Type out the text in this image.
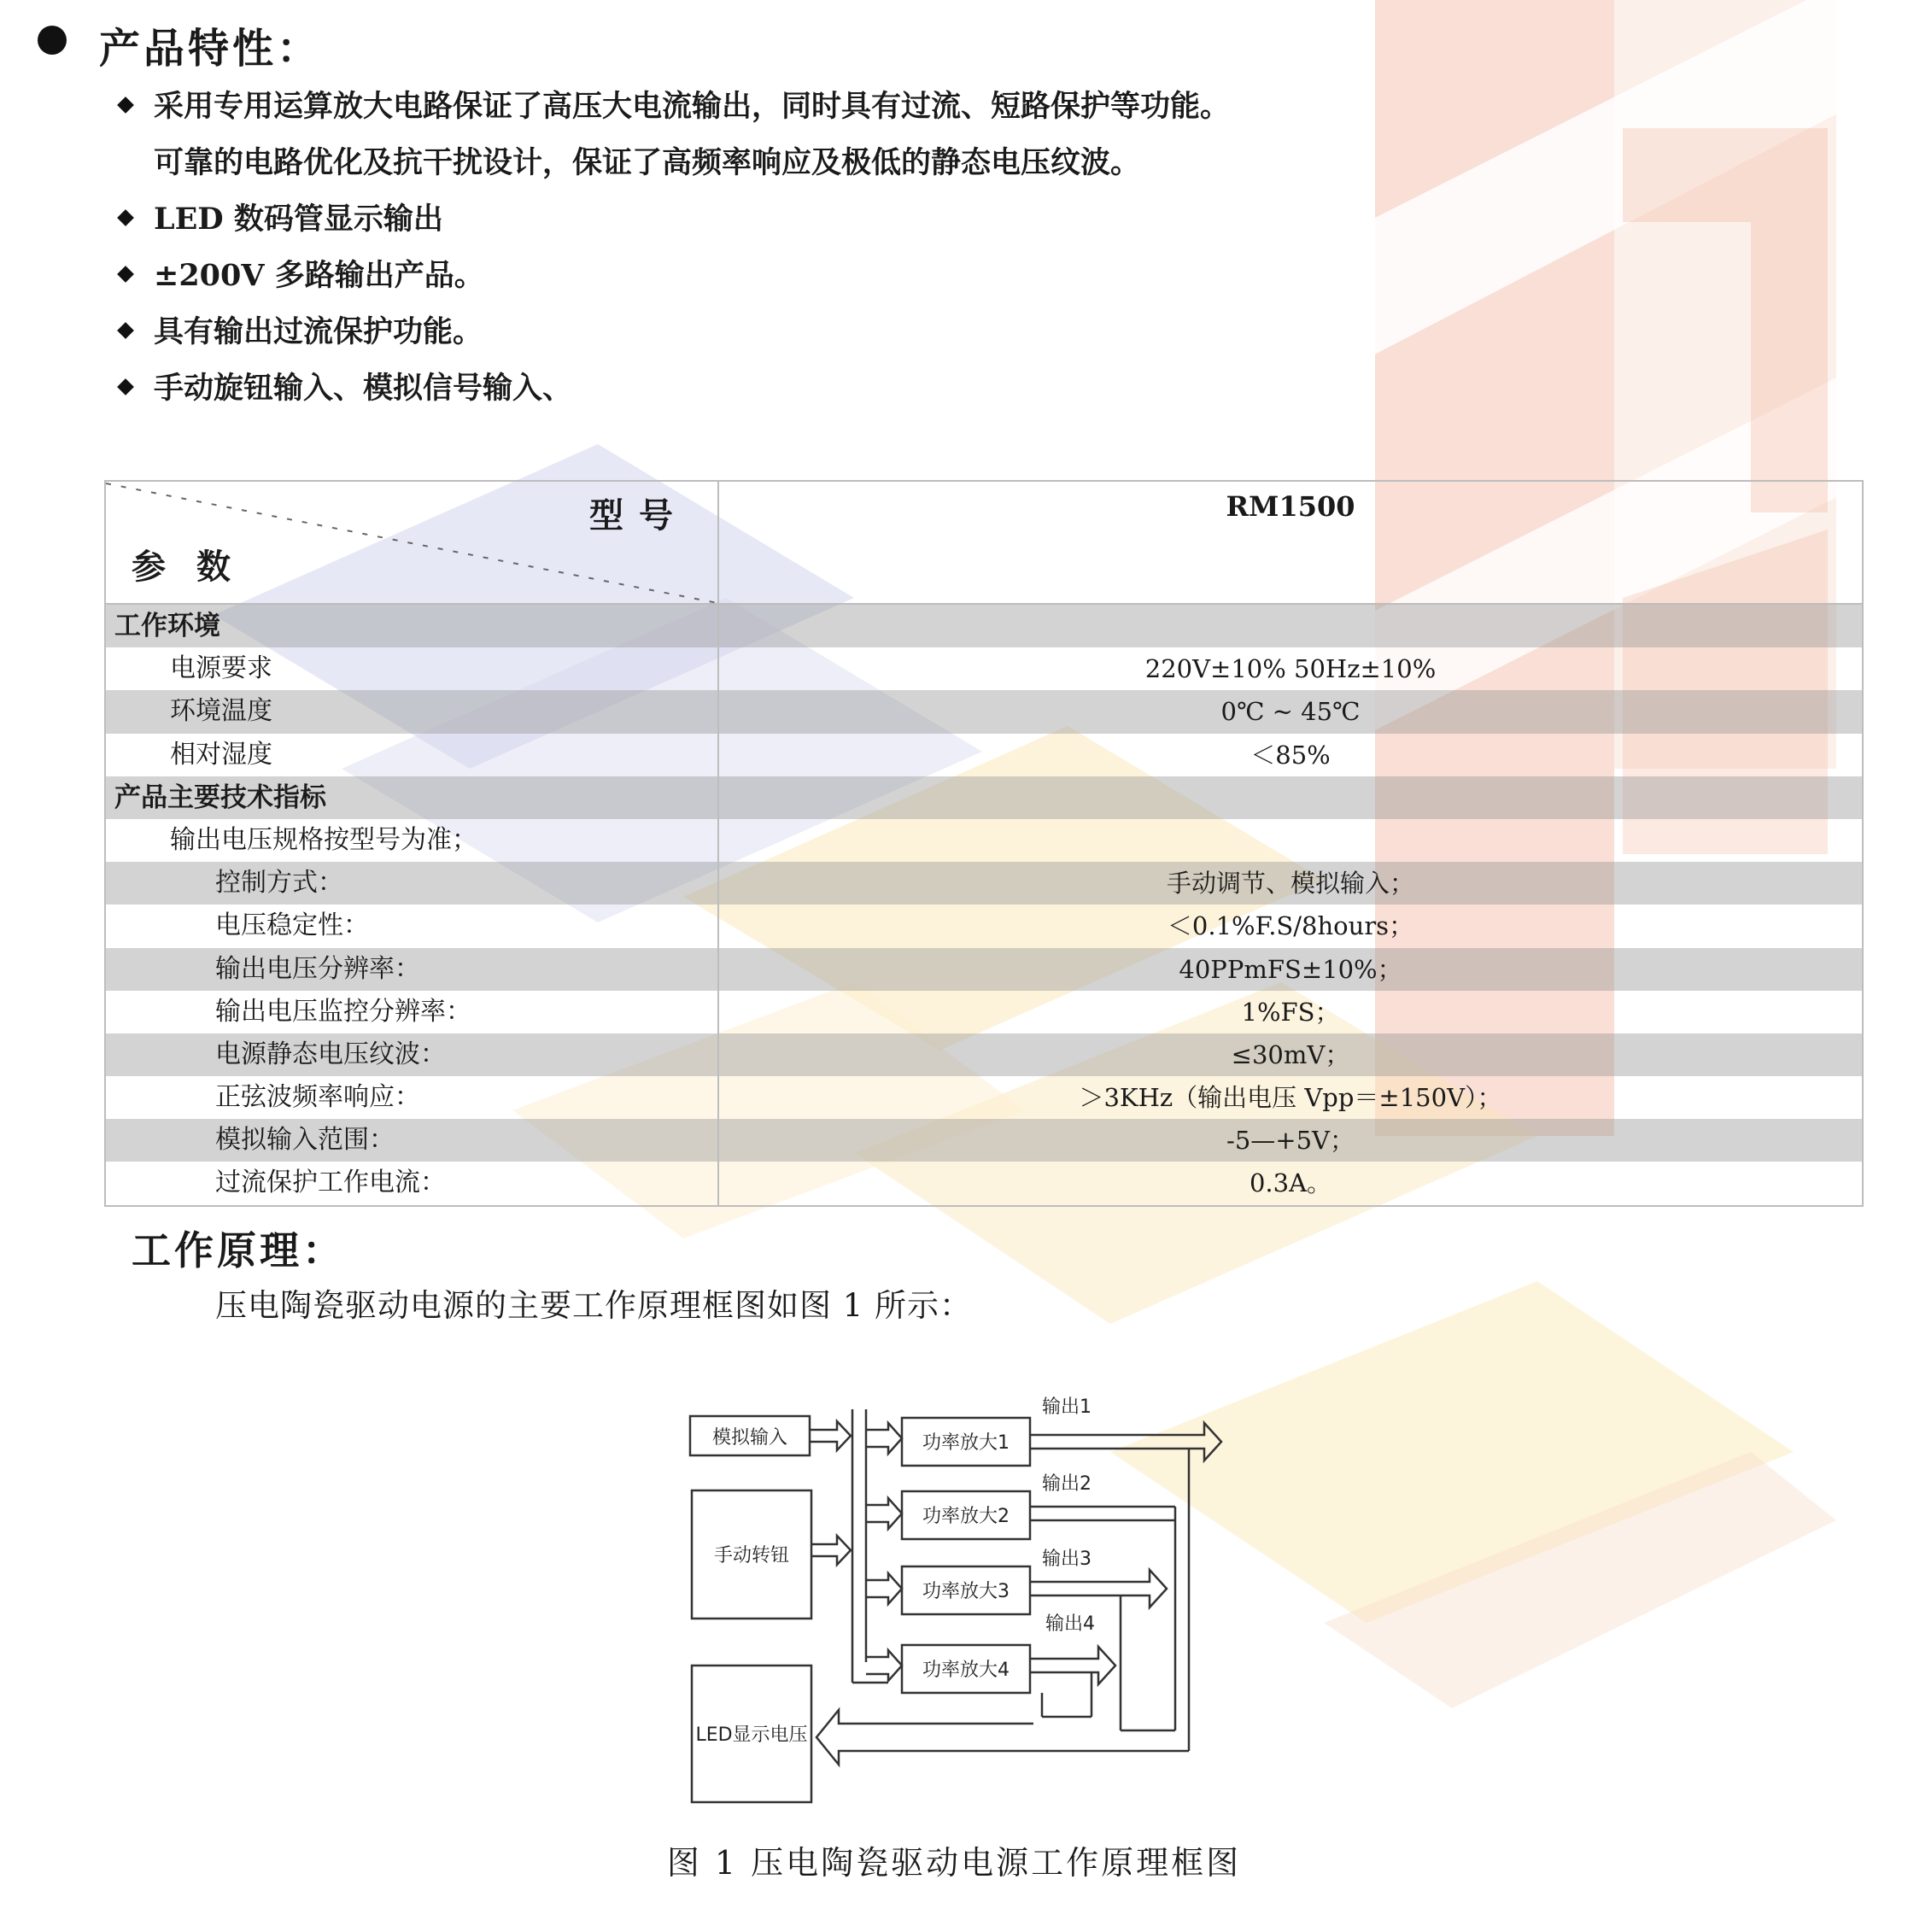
产品特性：
采用专用运算放大电路保证了高压大电流输出，同时具有过流、短路保护等功能。
可靠的电路优化及抗干扰设计，保证了高频率响应及极低的静态电压纹波。
LED 数码管显示输出
±200V 多路输出产品。
具有输出过流保护功能。
手动旋钮输入、模拟信号输入、
型号
参数
RM1500
工作环境
电源要求	220V±10% 50Hz±10%
环境温度	0℃ ~ 45℃
相对湿度	＜85%
产品主要技术指标
输出电压规格按型号为准；
控制方式：	手动调节、模拟输入；
电压稳定性：	＜0.1%F.S/8hours；
输出电压分辨率：	40PPmFS±10%；
输出电压监控分辨率：	1%FS；
电源静态电压纹波：	≤30mV；
正弦波频率响应：	＞3KHz（输出电压 Vpp＝±150V）；
模拟输入范围：	-5—+5V；
过流保护工作电流：	0.3A。
工作原理：
压电陶瓷驱动电源的主要工作原理框图如图 1 所示：
模拟输入
手动转钮
LED显示电压
功率放大1
功率放大2
功率放大3
功率放大4
输出1
输出2
输出3
输出4
图 1 压电陶瓷驱动电源工作原理框图
